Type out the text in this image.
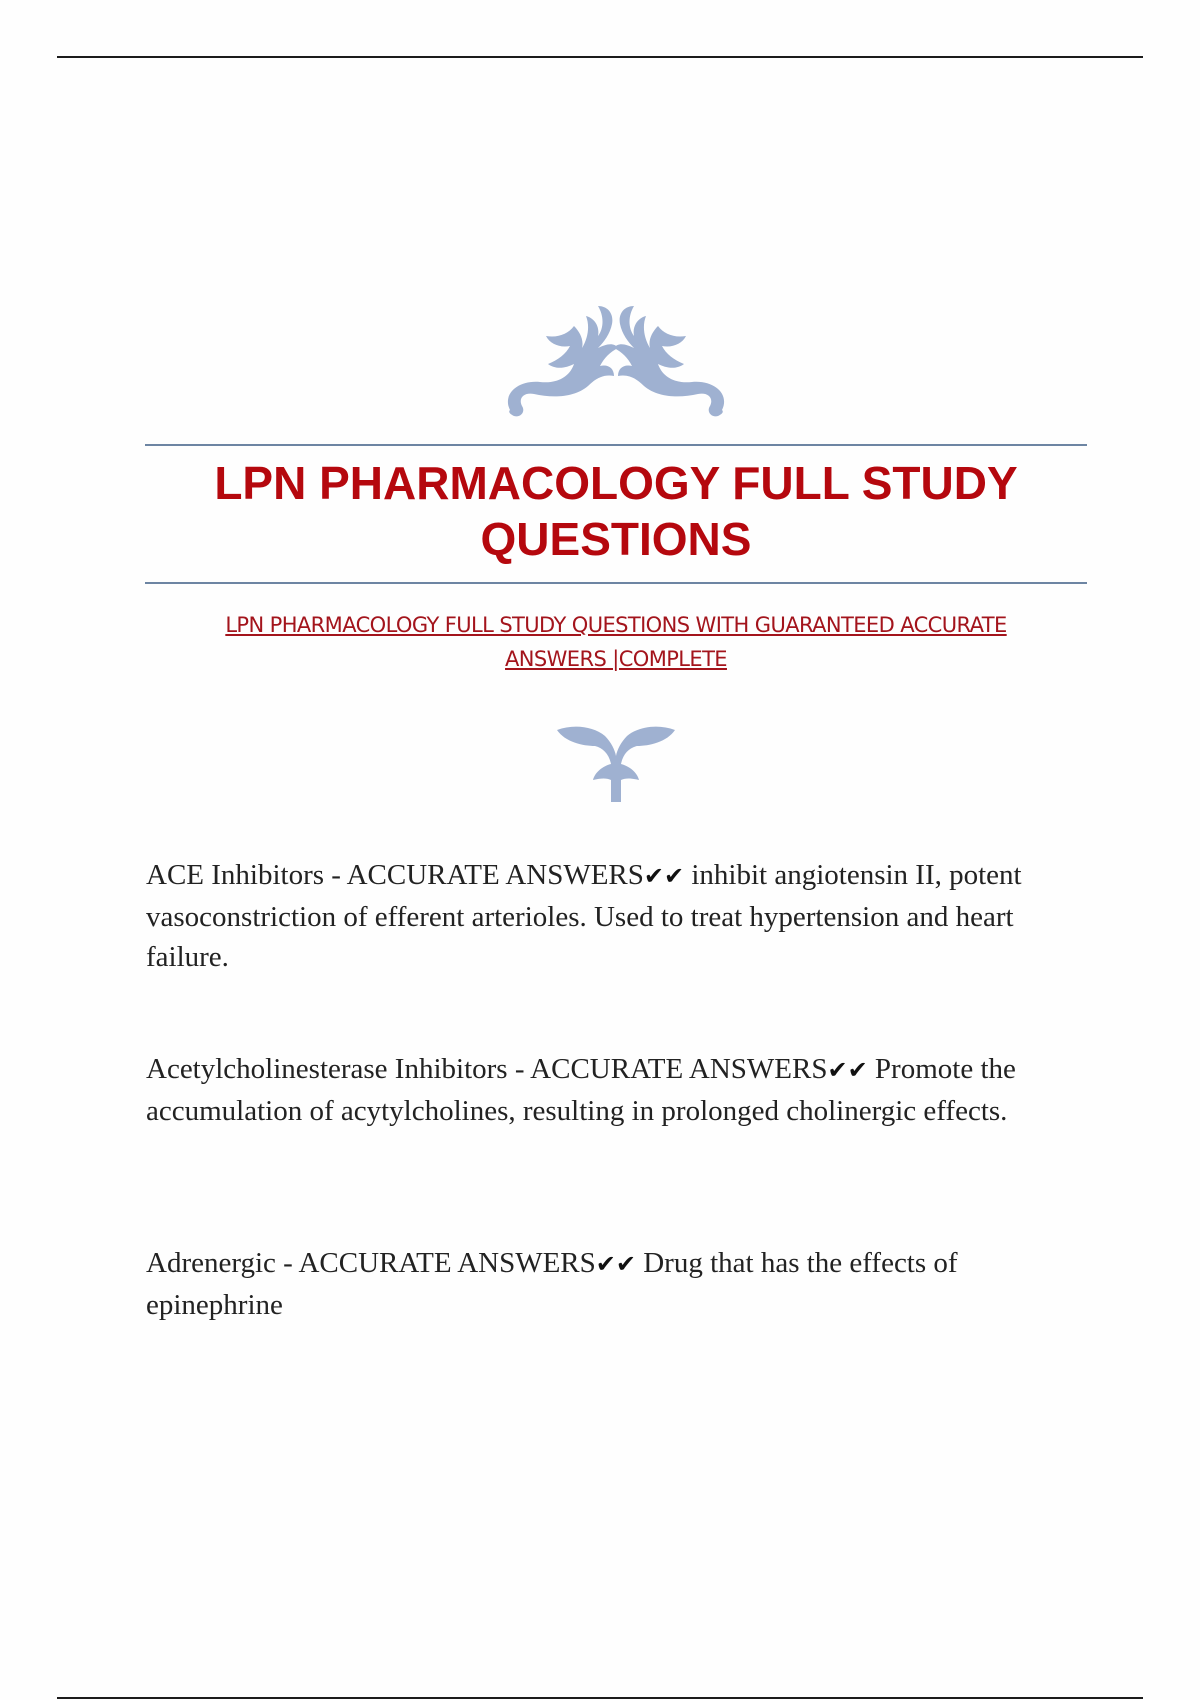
LPN PHARMACOLOGY FULL STUDY
QUESTIONS
LPN PHARMACOLOGY FULL STUDY QUESTIONS WITH GUARANTEED ACCURATE
ANSWERS |COMPLETE

ACE Inhibitors - ACCURATE ANSWERS✔✔ inhibit angiotensin II, potent vasoconstriction of efferent arterioles. Used to treat hypertension and heart failure.

Acetylcholinesterase Inhibitors - ACCURATE ANSWERS✔✔ Promote the accumulation of acytylcholines, resulting in prolonged cholinergic effects.

Adrenergic - ACCURATE ANSWERS✔✔ Drug that has the effects of epinephrine
